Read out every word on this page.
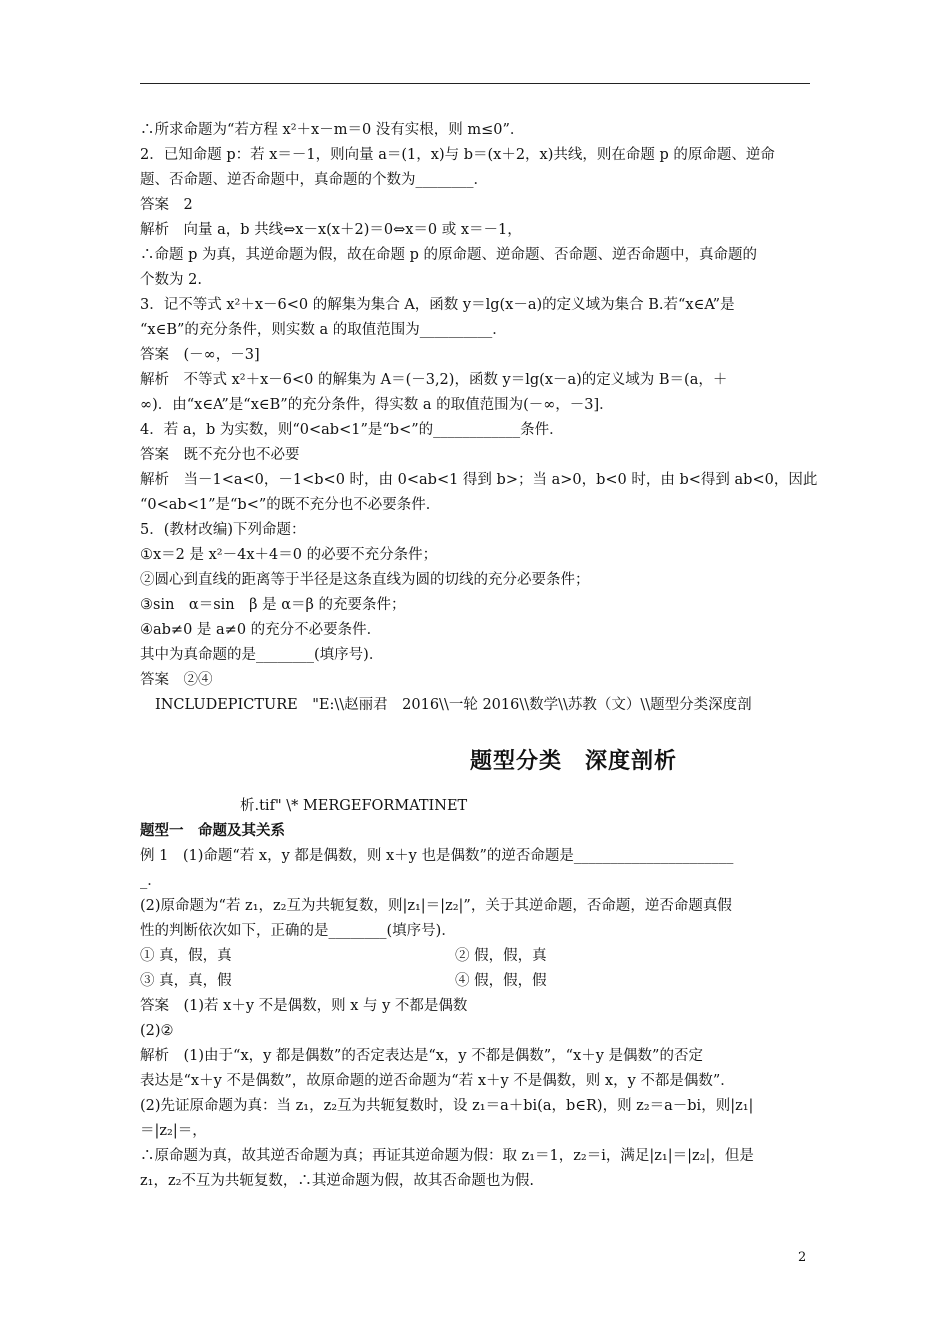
∴所求命题为“若方程 x²＋x－m＝0 没有实根，则 m≤0”．
2．已知命题 p：若 x＝－1，则向量 a＝(1，x)与 b＝(x＋2，x)共线，则在命题 p 的原命题、逆命
题、否命题、逆否命题中，真命题的个数为________．
答案　2
解析　向量 a，b 共线⇔x－x(x＋2)＝0⇔x＝0 或 x＝－1，
∴命题 p 为真，其逆命题为假，故在命题 p 的原命题、逆命题、否命题、逆否命题中，真命题的
个数为 2.
3．记不等式 x²＋x－6<0 的解集为集合 A，函数 y＝lg(x－a)的定义域为集合 B.若“x∈A”是
“x∈B”的充分条件，则实数 a 的取值范围为__________．
答案　(－∞，－3]
解析　不等式 x²＋x－6<0 的解集为 A＝(－3,2)，函数 y＝lg(x－a)的定义域为 B＝(a，＋
∞)．由“x∈A”是“x∈B”的充分条件，得实数 a 的取值范围为(－∞，－3]．
4．若 a，b 为实数，则“0<ab<1”是“b<”的____________条件．
答案　既不充分也不必要
解析　当－1<a<0，－1<b<0 时，由 0<ab<1 得到 b>；当 a>0，b<0 时，由 b<得到 ab<0，因此
“0<ab<1”是“b<”的既不充分也不必要条件．
5．(教材改编)下列命题：
①x＝2 是 x²－4x＋4＝0 的必要不充分条件；
②圆心到直线的距离等于半径是这条直线为圆的切线的充分必要条件；
③sin　α＝sin　β 是 α＝β 的充要条件；
④ab≠0 是 a≠0 的充分不必要条件．
其中为真命题的是________(填序号)．
答案　②④
INCLUDEPICTURE　"E:\\赵丽君　2016\\一轮 2016\\数学\\苏教（文）\\题型分类深度剖
题型分类　深度剖析
析.tif" \* MERGEFORMATINET
题型一　命题及其关系
例 1　(1)命题“若 x，y 都是偶数，则 x＋y 也是偶数”的逆否命题是______________________
_．
(2)原命题为“若 z₁，z₂互为共轭复数，则|z₁|＝|z₂|”，关于其逆命题，否命题，逆否命题真假
性的判断依次如下，正确的是________(填序号)．
① 真，假，真	② 假，假，真
③ 真，真，假	④ 假，假，假
答案　(1)若 x＋y 不是偶数，则 x 与 y 不都是偶数
(2)②
解析　(1)由于“x，y 都是偶数”的否定表达是“x，y 不都是偶数”，“x＋y 是偶数”的否定
表达是“x＋y 不是偶数”，故原命题的逆否命题为“若 x＋y 不是偶数，则 x，y 不都是偶数”．
(2)先证原命题为真：当 z₁，z₂互为共轭复数时，设 z₁＝a＋bi(a，b∈R)，则 z₂＝a－bi，则|z₁|
＝|z₂|＝，
∴原命题为真，故其逆否命题为真；再证其逆命题为假：取 z₁＝1，z₂＝i，满足|z₁|＝|z₂|，但是
z₁，z₂不互为共轭复数，∴其逆命题为假，故其否命题也为假.
2
